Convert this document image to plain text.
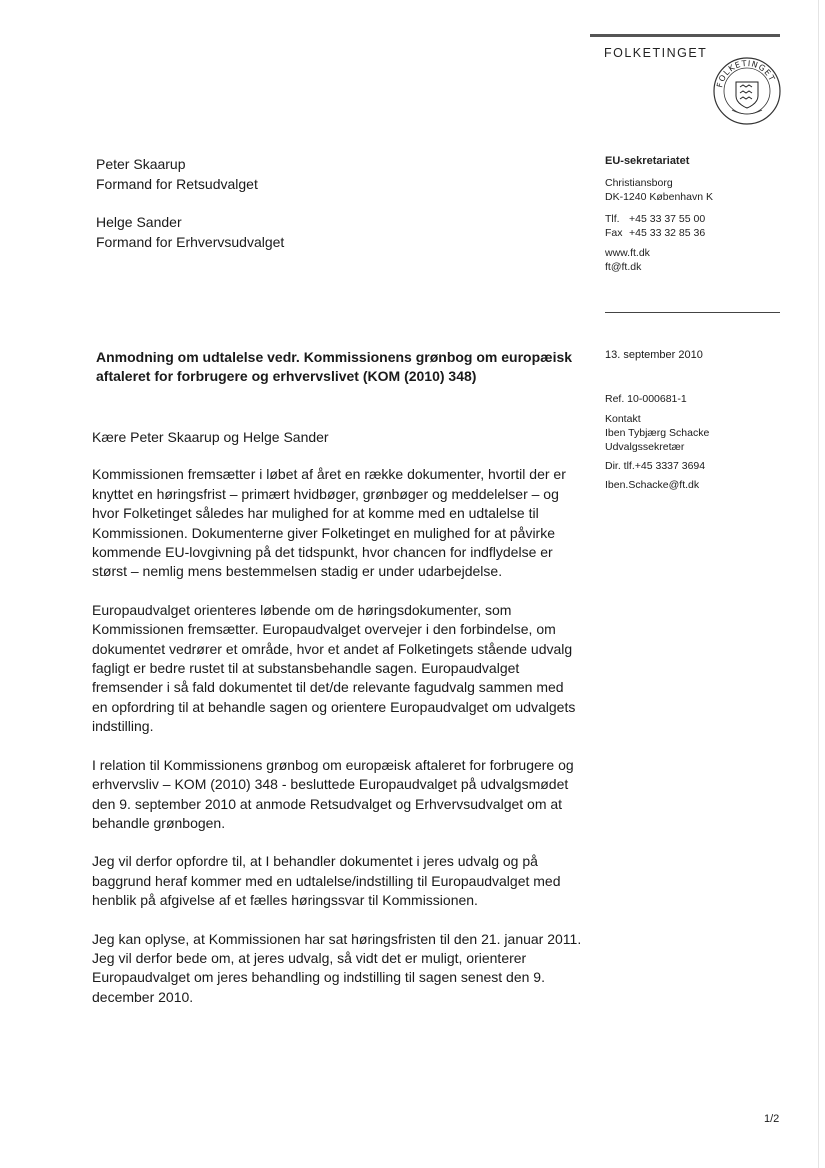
FOLKETINGET
FOLKETINGET

Peter Skaarup

Formand for Retsudvalget

Helge Sander

Formand for Erhvervsudvalget

EU-sekretariatet
Christiansborg
DK-1240 København K
Tlf. +45 33 37 55 00
Fax +45 33 32 85 36
www.ft.dk
ft@ft.dk
13. september 2010

Ref. 10-000681-1

Kontakt

Iben Tybjærg Schacke

Udvalgssekretær

Dir. tlf.+45 3337 3694

Iben.Schacke@ft.dk

Anmodning om udtalelse vedr. Kommissionens grønbog om europæisk aftaleret for forbrugere og erhvervslivet (KOM (2010) 348)

Kære Peter Skaarup og Helge Sander

Kommissionen fremsætter i løbet af året en række dokumenter, hvortil der er knyttet en høringsfrist – primært hvidbøger, grønbøger og meddelelser – og hvor Folketinget således har mulighed for at komme med en udtalelse til Kommissionen. Dokumenterne giver Folketinget en mulighed for at påvirke kommende EU-lovgivning på det tidspunkt, hvor chancen for indflydelse er størst – nemlig mens bestemmelsen stadig er under udarbejdelse.

Europaudvalget orienteres løbende om de høringsdokumenter, som Kommissionen fremsætter. Europaudvalget overvejer i den forbindelse, om dokumentet vedrører et område, hvor et andet af Folketingets stående udvalg fagligt er bedre rustet til at substansbehandle sagen. Europaudvalget fremsender i så fald dokumentet til det/de relevante fagudvalg sammen med en opfordring til at behandle sagen og orientere Europaudvalget om udvalgets indstilling.

I relation til Kommissionens grønbog om europæisk aftaleret for forbrugere og erhvervsliv – KOM (2010) 348 - besluttede Europaudvalget på udvalgsmødet den 9. september 2010 at anmode Retsudvalget og Erhvervsudvalget om at behandle grønbogen.

Jeg vil derfor opfordre til, at I behandler dokumentet i jeres udvalg og på baggrund heraf kommer med en udtalelse/indstilling til Europaudvalget med henblik på afgivelse af et fælles høringssvar til Kommissionen.

Jeg kan oplyse, at Kommissionen har sat høringsfristen til den 21. januar 2011. Jeg vil derfor bede om, at jeres udvalg, så vidt det er muligt, orienterer Europaudvalget om jeres behandling og indstilling til sagen senest den 9. december 2010.

1/2
